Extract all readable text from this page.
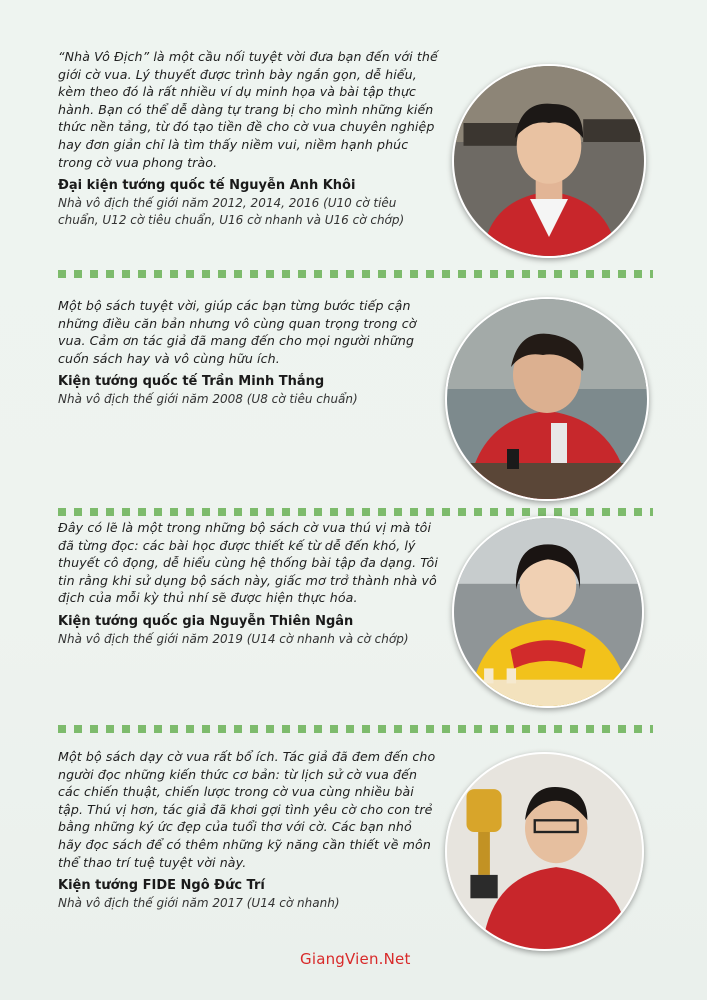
“Nhà Vô Địch” là một cầu nối tuyệt vời đưa bạn đến với thế giới cờ vua. Lý thuyết được trình bày ngắn gọn, dễ hiểu, kèm theo đó là rất nhiều ví dụ minh họa và bài tập thực hành. Bạn có thể dễ dàng tự trang bị cho mình những kiến thức nền tảng, từ đó tạo tiền đề cho cờ vua chuyên nghiệp hay đơn giản chỉ là tìm thấy niềm vui, niềm hạnh phúc trong cờ vua phong trào.

Đại kiện tướng quốc tế Nguyễn Anh Khôi

Nhà vô địch thế giới năm 2012, 2014, 2016 (U10 cờ tiêu chuẩn, U12 cờ tiêu chuẩn, U16 cờ nhanh và U16 cờ chớp)

Một bộ sách tuyệt vời, giúp các bạn từng bước tiếp cận những điều căn bản nhưng vô cùng quan trọng trong cờ vua. Cảm ơn tác giả đã mang đến cho mọi người những cuốn sách hay và vô cùng hữu ích.

Kiện tướng quốc tế Trần Minh Thắng

Nhà vô địch thế giới năm 2008 (U8 cờ tiêu chuẩn)

Đây có lẽ là một trong những bộ sách cờ vua thú vị mà tôi đã từng đọc: các bài học được thiết kế từ dễ đến khó, lý thuyết cô đọng, dễ hiểu cùng hệ thống bài tập đa dạng. Tôi tin rằng khi sử dụng bộ sách này, giấc mơ trở thành nhà vô địch của mỗi kỳ thủ nhí sẽ được hiện thực hóa.

Kiện tướng quốc gia Nguyễn Thiên Ngân

Nhà vô địch thế giới năm 2019 (U14 cờ nhanh và cờ chớp)

Một bộ sách dạy cờ vua rất bổ ích. Tác giả đã đem đến cho người đọc những kiến thức cơ bản: từ lịch sử cờ vua đến các chiến thuật, chiến lược trong cờ vua cùng nhiều bài tập. Thú vị hơn, tác giả đã khơi gợi tình yêu cờ cho con trẻ bằng những ký ức đẹp của tuổi thơ với cờ. Các bạn nhỏ hãy đọc sách để có thêm những kỹ năng cần thiết về môn thể thao trí tuệ tuyệt vời này.

Kiện tướng FIDE Ngô Đức Trí

Nhà vô địch thế giới năm 2017 (U14 cờ nhanh)

GiangVien.Net
